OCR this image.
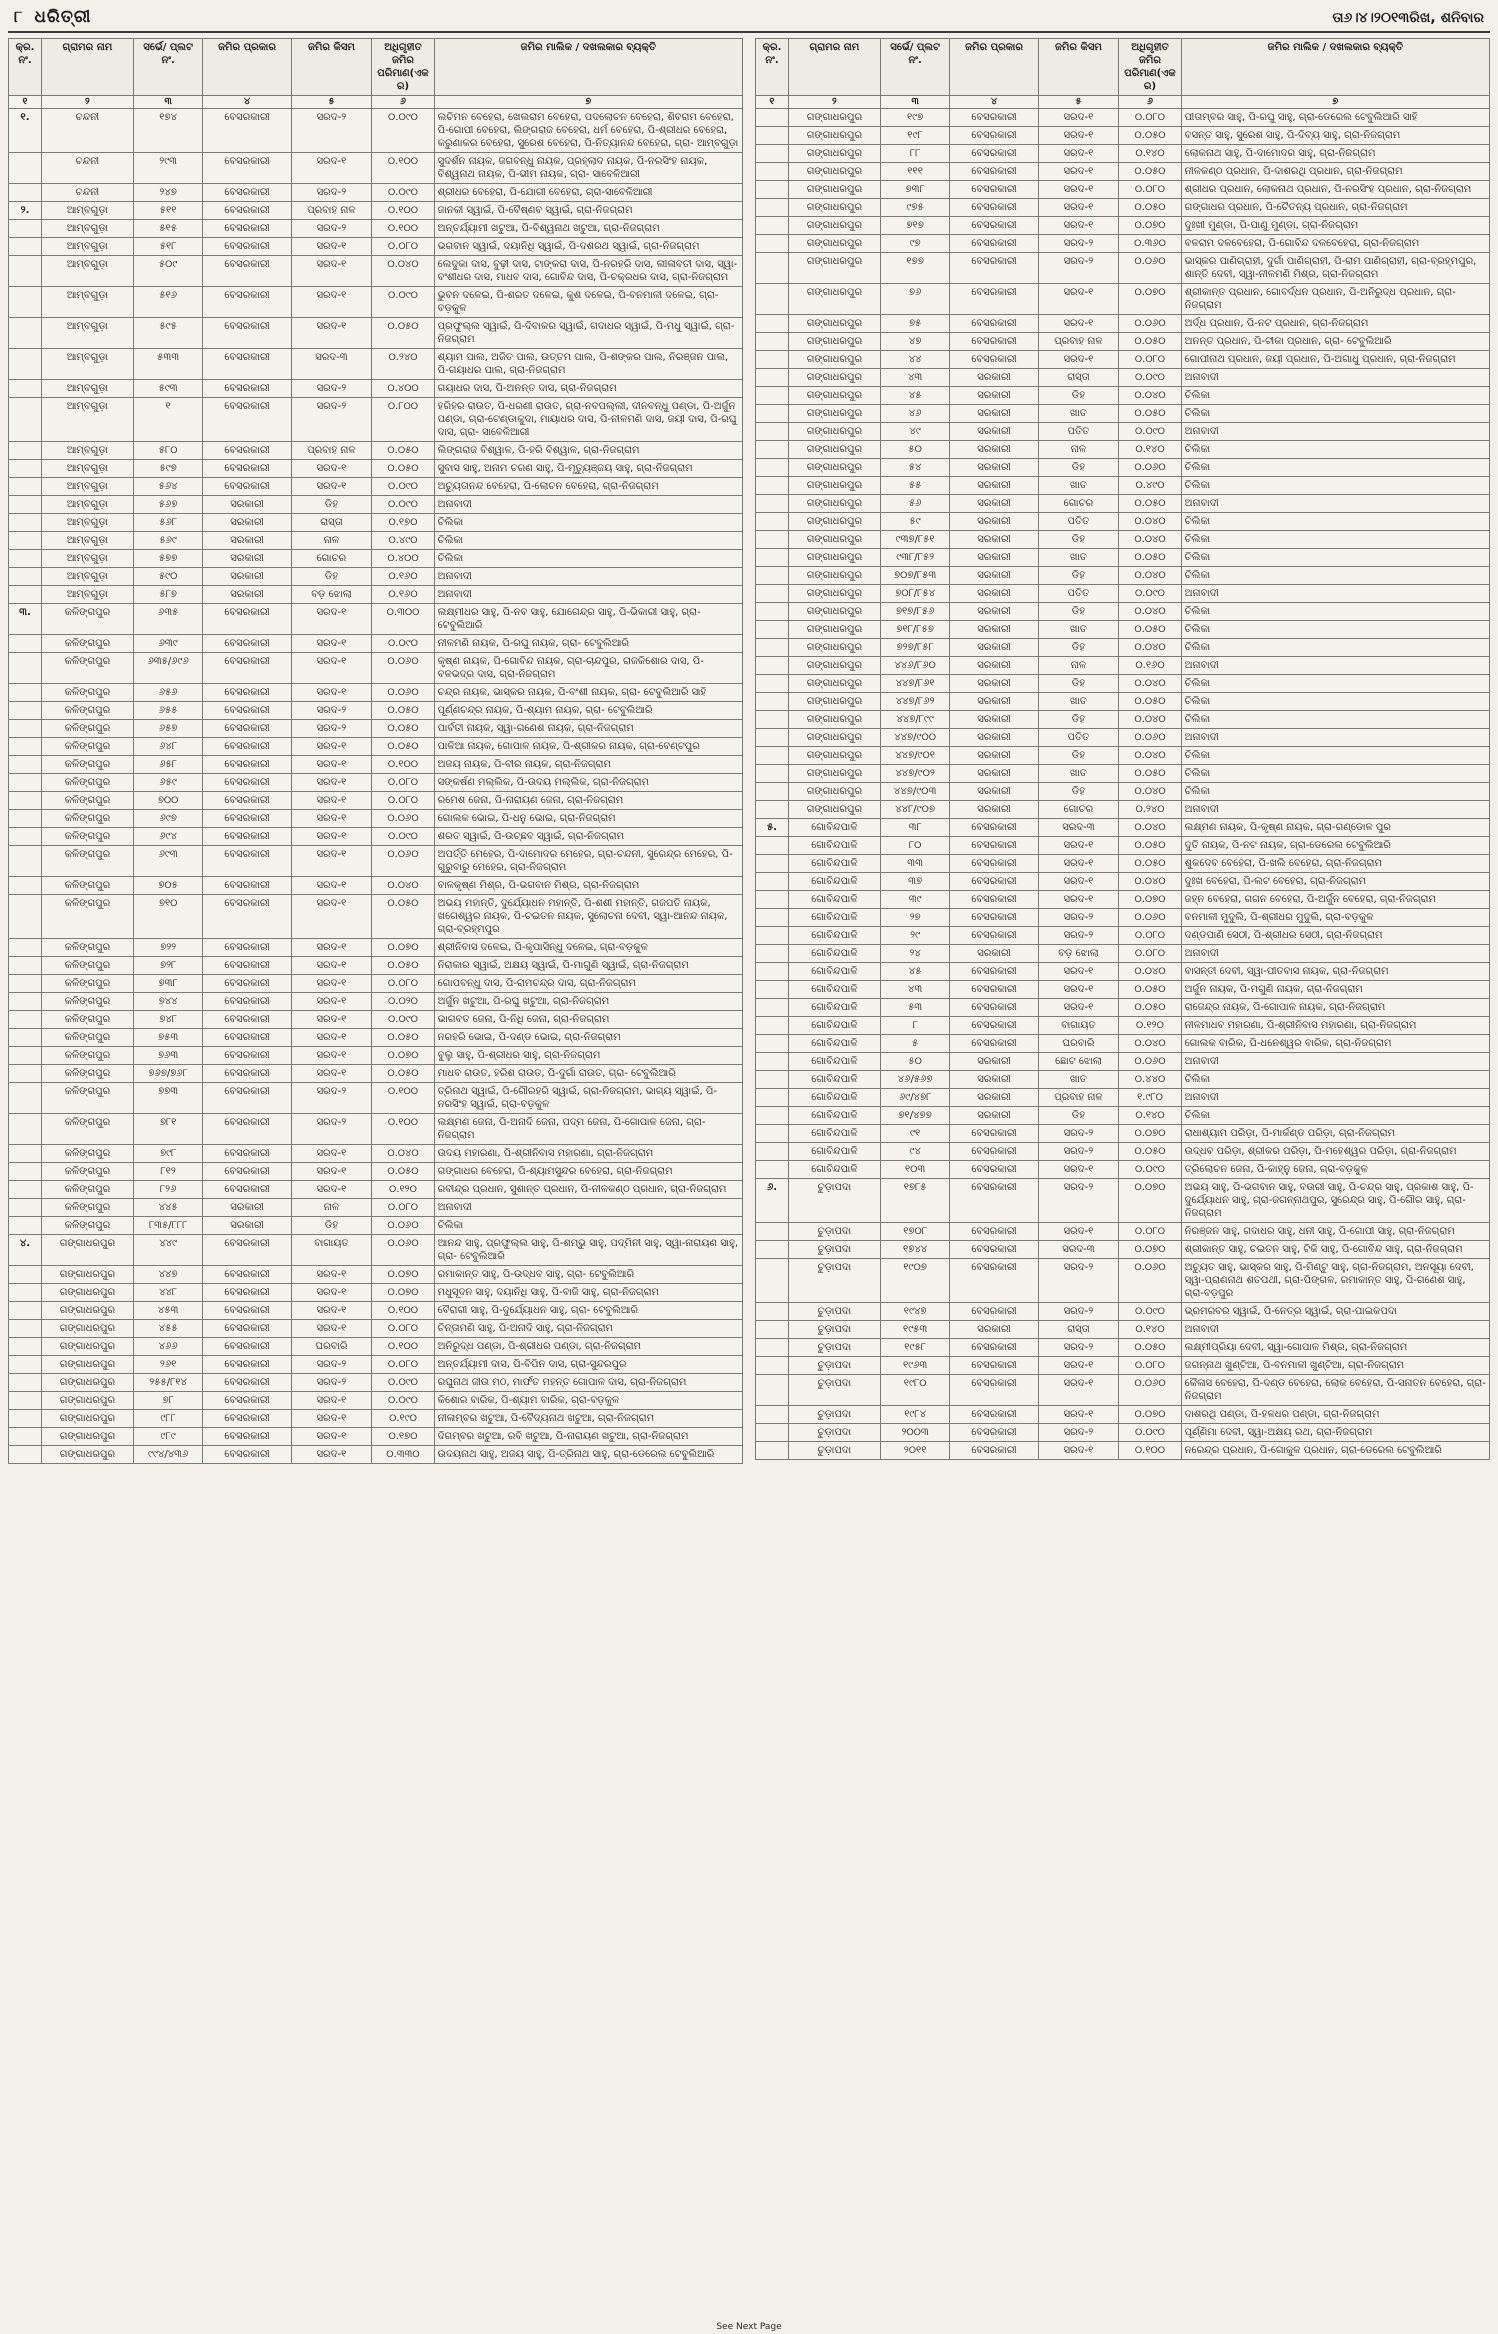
୮ ଧରିତ୍ରୀ	ତା୬।୪।୨୦୧୩ରିଖ, ଶନିବାର
କ୍ର. ନଂ.	ଗ୍ରାମର ନାମ	ସର୍ଭେ/ ପ୍ଲଟ ନଂ.	ଜମିର ପ୍ରକାର	ଜମିର କିସମ	ଅଧିଗୃହୀତ ଜମିର ପରିମାଣ(ଏକର)	ଜମିର ମାଲିକ / ଦଖଲକାର ବ୍ୟକ୍ତି
୧	୨	୩	୪	୫	୬	୭
୧.	ଚନ୍ଦନୀ	୧୭୪	ବେସରକାରୀ	ସରଦ-୨	୦.୦୯୦	ଲଚିମନ ବେହେରା, ଖେଲରାମ ବେହେରା, ପଦଲୋଚନ ବେହେରା, ଶିବରାମ ବେହେରା, ପି-ଗୋପୀ ବେହେରା, ଲିଙ୍ଗରାଜ ବେହେରା, ଧର୍ମ ବେହେରା, ପି-ଶ୍ରୀଧର ବେହେରା, କରୁଣାକର ବେହେରା, ସୁରେଶ ବେହେରା, ପି-ନିତ୍ୟାନନ୍ଦ ବେହେରା, ଗ୍ରା- ଆମ୍ବଗୁଡ଼ା
	ଚନ୍ଦନୀ	୨୯୩	ବେସରକାରୀ	ସରଦ-୧	୦.୧୦୦	ସୁଦର୍ଶନ ନାୟକ, ଜଗବନ୍ଧୁ ନାୟକ, ପ୍ରହ୍ଲାଦ ନାୟକ, ପି-ନରସିଂହ ନାୟକ, ବିଶ୍ୱନାଥ ନାୟକ, ପି-ଭୀମ ନାୟକ, ଗ୍ରା- ସାବେଳିଆରୀ
	ଚନ୍ଦନୀ	୨୪୭	ବେସରକାରୀ	ସରଦ-୨	୦.୦୯୦	ଶ୍ରୀଧର ବେହେରା, ପି-ଯୋଗୀ ବେହେରା, ଗ୍ରା-ସାବେଳିଆରୀ
୨.	ଆମ୍ବଗୁଡ଼ା	୫୧୧	ବେସରକାରୀ	ପ୍ରବାହ ନାଳ	୦.୧୦୦	ଜାନକୀ ସ୍ୱାଇଁ, ପି-ବୈଷ୍ଣବ ସ୍ୱାଇଁ, ଗ୍ରା-ନିଜଗ୍ରାମ
	ଆମ୍ବଗୁଡ଼ା	୫୧୫	ବେସରକାରୀ	ସରଦ-୨	୦.୧୦୦	ଅନ୍ତର୍ଯ୍ୟାମୀ ଖଟୁଆ, ପି-ବିଶ୍ୱନାଥ ଖଟୁଆ, ଗ୍ରା-ନିଜଗ୍ରାମ
	ଆମ୍ବଗୁଡ଼ା	୫୧୮	ବେସରକାରୀ	ସରଦ-୧	୦.୦୮୦	ଭଗବାନ ସ୍ୱାଇଁ, ଦୟାନିଧି ସ୍ୱାଇଁ, ପି-ଦଶରଥ ସ୍ୱାଇଁ, ଗ୍ରା-ନିଜଗ୍ରାମ
	ଆମ୍ବଗୁଡ଼ା	୫୦୯	ବେସରକାରୀ	ସରଦ-୧	୦.୦୪୦	ଲେଦୁକା ଦାସ, ବୁଢ଼ୀ ଦାସ, ଟାଙ୍କରା ଦାସ, ପି-ନରହରି ଦାସ, ଲୀଳାବତୀ ଦାସ, ସ୍ୱା-ବଂଶୀଧର ଦାସ, ମାଧବ ଦାସ, ଗୋବିନ୍ଦ ଦାସ, ପି-ଚକ୍ରଧର ଦାସ, ଗ୍ରା-ନିଜଗ୍ରାମ
	ଆମ୍ବଗୁଡ଼ା	୫୧୬	ବେସରକାରୀ	ସରଦ-୧	୦.୦୯୦	ଭୁବନ ଦଳେଇ, ପି-ଶରତ ଦଳେଇ, କୁଶ ଦଳେଇ, ପି-ବନମାଳୀ ଦଳେଇ, ଗ୍ରା-ବଡ଼କୁଳ
	ଆମ୍ବଗୁଡ଼ା	୫୯୫	ବେସରକାରୀ	ସରଦ-୧	୦.୦୫୦	ପ୍ରଫୁଲ୍ଲ ସ୍ୱାଇଁ, ପି-ଦିବାକର ସ୍ୱାଇଁ, ଗଦାଧର ସ୍ୱାଇଁ, ପି-ମଧୁ ସ୍ୱାଇଁ, ଗ୍ରା-ନିଜଗ୍ରାମ
	ଆମ୍ବଗୁଡ଼ା	୫୩୩	ବେସରକାରୀ	ସରଦ-୩	୦.୨୪୦	ଶ୍ୟାମ ପାଲ, ଅଜିତ ପାଲ, ଉତ୍ତମ ପାଲ, ପି-ଶଙ୍କର ପାଲ, ନିରଞ୍ଜନ ପାଲ, ପି-ଗୟାଧର ପାଲ, ଗ୍ରା-ନିଜଗ୍ରାମ
	ଆମ୍ବଗୁଡ଼ା	୫୯୩	ବେସରକାରୀ	ସରଦ-୨	୦.୪୦୦	ଗୟାଧର ଦାସ, ପି-ଅନନ୍ତ ଦାସ, ଗ୍ରା-ନିଜଗ୍ରାମ
	ଆମ୍ବଗୁଡ଼ା	୧	ବେସରକାରୀ	ସରଦ-୨	୦.୮୦୦	ହରିହର ରାଉତ, ପି-ଧରଣୀ ରାଉତ, ଗ୍ରା-ନବପଲ୍ଲୀ, ଦୀନବନ୍ଧୁ ପଣ୍ଡା, ପି-ଅର୍ଜୁନ ପଣ୍ଡା, ଗ୍ରା-ଟେଣ୍ଡାକୁଦା, ମାୟାଧର ଦାସ, ପି-ନୀଳମଣି ଦାସ, ଜୟୀ ଦାସ, ପି-ରଘୁ ଦାସ, ଗ୍ରା- ସାବେଳିଆରୀ
	ଆମ୍ବଗୁଡ଼ା	୫୮୦	ବେସରକାରୀ	ପ୍ରବାହ ନାଳ	୦.୦୫୦	ଲିଙ୍ଗରାଜ ବିଶ୍ୱାଳ, ପି-ହରି ବିଶ୍ୱାଳ, ଗ୍ରା-ନିଜଗ୍ରାମ
	ଆମ୍ବଗୁଡ଼ା	୫୯୭	ବେସରକାରୀ	ସରଦ-୧	୦.୦୫୦	ସୁବାସ ସାହୁ, ଅନାମ ଚରଣ ସାହୁ, ପି-ମୃତ୍ୟୁଞ୍ଜୟ ସାହୁ, ଗ୍ରା-ନିଜଗ୍ରାମ
	ଆମ୍ବଗୁଡ଼ା	୫୬୪	ବେସରକାରୀ	ସରଦ-୧	୦.୦୯୦	ଅଚ୍ୟୁତାନନ୍ଦ ବେହେରା, ପି-ଲୋଚନ ବେହେରା, ଗ୍ରା-ନିଜଗ୍ରାମ
	ଆମ୍ବଗୁଡ଼ା	୫୬୭	ସରକାରୀ	ଡିହ	୦.୦୯୦	ଅନାବାଦୀ
	ଆମ୍ବଗୁଡ଼ା	୫୬୮	ସରକାରୀ	ରାସ୍ତା	୦.୧୭୦	ଚିଲିକା
	ଆମ୍ବଗୁଡ଼ା	୫୬୯	ସରକାରୀ	ନାଳ	୦.୪୯୦	ଚିଲିକା
	ଆମ୍ବଗୁଡ଼ା	୫୭୭	ସରକାରୀ	ଗୋଚର	୦.୪୦୦	ଚିଲିକା
	ଆମ୍ବଗୁଡ଼ା	୫୯୦	ସରକାରୀ	ଡିହ	୦.୧୬୦	ଅନାବାଦୀ
	ଆମ୍ବଗୁଡ଼ା	୫୮୭	ସରକାରୀ	ବଡ଼ ଝୋଲା	୦.୧୬୦	ଅନାବାଦୀ
୩.	କଳିଙ୍ଗପୁର	୬୩୫	ବେସରକାରୀ	ସରଦ-୧	୦.୩୦୦	ଲକ୍ଷ୍ମୀଧର ସାହୁ, ପି-ନବ ସାହୁ, ଯୋଗେନ୍ଦ୍ର ସାହୁ, ପି-ଭିକାରୀ ସାହୁ, ଗ୍ରା- ଟେବୁଲିଆରି
	କଳିଙ୍ଗପୁର	୬୩୯	ବେସରକାରୀ	ସରଦ-୧	୦.୦୯୦	ନୀଳମଣି ନାୟକ, ପି-ରଘୁ ନାୟକ, ଗ୍ରା- ଟେବୁଲିଆରି
	କଳିଙ୍ଗପୁର	୬୩୫/୬୯୬	ବେସରକାରୀ	ସରଦ-୧	୦.୦୬୦	କୃଷ୍ଣ ନାୟକ, ପି-ଗୋବିନ୍ଦ ନାୟକ, ଗ୍ରା-ଚାନ୍ଦପୁର, ରାଜକିଶୋର ଦାସ, ପି-ବଳଭଦ୍ର ଦାସ, ଗ୍ରା-ନିଜଗ୍ରାମ
	କଳିଙ୍ଗପୁର	୬୫୬	ବେସରକାରୀ	ସରଦ-୧	୦.୦୬୦	ଚନ୍ଦ୍ର ନାୟକ, ଭାସ୍କର ନାୟକ, ପି-ବଂଶୀ ନାୟକ, ଗ୍ରା- ଟେବୁଲିଆରି ସାହି
	କଳିଙ୍ଗପୁର	୬୫୫	ବେସରକାରୀ	ସରଦ-୨	୦.୦୫୦	ପୂର୍ଣ୍ଣଚନ୍ଦ୍ର ନାୟକ, ପି-ଶ୍ୟାମ ନାୟକ, ଗ୍ରା- ଟେବୁଲିଆରି
	କଳିଙ୍ଗପୁର	୬୫୭	ବେସରକାରୀ	ସରଦ-୨	୦.୦୫୦	ପାର୍ବତୀ ନାୟକ, ସ୍ୱା-ଗଣେଶ ନାୟକ, ଗ୍ରା-ନିଜଗ୍ରାମ
	କଳିଙ୍ଗପୁର	୬୪୮	ବେସରକାରୀ	ସରଦ-୧	୦.୦୫୦	ପାଳିଆ ନାୟକ, ଗୋପାଳ ନାୟକ, ପି-ଶ୍ରୀକର ନାୟକ, ଗ୍ରା-ବେଣ୍ଟପୁର
	କଳିଙ୍ଗପୁର	୬୫୮	ବେସରକାରୀ	ସରଦ-୧	୦.୧୦୦	ଅଜୟ ନାୟକ, ପି-ବୀର ନାୟକ, ଗ୍ରା-ନିଜଗ୍ରାମ
	କଳିଙ୍ଗପୁର	୬୫୯	ବେସରକାରୀ	ସରଦ-୧	୦.୦୮୦	ସଙ୍କର୍ଷଣ ମଲ୍ଲିକ, ପି-ଉଦୟ ମଲ୍ଲିକ, ଗ୍ରା-ନିଜଗ୍ରାମ
	କଳିଙ୍ଗପୁର	୭୦୦	ବେସରକାରୀ	ସରଦ-୧	୦.୦୮୦	ରମେଶ ଜେନା, ପି-ନାରାୟଣ ଜେନା, ଗ୍ରା-ନିଜଗ୍ରାମ
	କଳିଙ୍ଗପୁର	୬୯୭	ବେସରକାରୀ	ସରଦ-୧	୦.୦୬୦	ଗୋଲକ ଭୋଇ, ପି-ଧନୁ ଭୋଇ, ଗ୍ରା-ନିଜଗ୍ରାମ
	କଳିଙ୍ଗପୁର	୬୯୪	ବେସରକାରୀ	ସରଦ-୧	୦.୦୯୦	ଶରତ ସ୍ୱାଇଁ, ପି-ଉଚ୍ଛବ ସ୍ୱାଇଁ, ଗ୍ରା-ନିଜଗ୍ରାମ
	କଳିଙ୍ଗପୁର	୬୯୩	ବେସରକାରୀ	ସରଦ-୧	୦.୦୬୦	ଅପର୍ତ୍ତି ମେହେର, ପି-ଦାମୋଦର ମେହେର, ଗ୍ରା-ଚନ୍ଦନୀ, ସୁରେନ୍ଦ୍ର ମେହେର, ପି-ଗୁରୁବାରୁ ମେହେର, ଗ୍ରା-ନିଜଗ୍ରାମ
	କଳିଙ୍ଗପୁର	୭୦୫	ବେସରକାରୀ	ସରଦ-୧	୦.୦୪୦	ବାଳକୃଷ୍ଣ ମିଶ୍ର, ପି-ଭଗବାନ ମିଶ୍ର, ଗ୍ରା-ନିଜଗ୍ରାମ
	କଳିଙ୍ଗପୁର	୭୧୦	ବେସରକାରୀ	ସରଦ-୧	୦.୦୫୦	ଅଭୟ ମହାନ୍ତି, ଦୁର୍ଯ୍ୟୋଧନ ମହାନ୍ତି, ପି-ଶଶୀ ମହାନ୍ତି, ଗଜପତି ନାୟକ, ଖଗେଶ୍ୱର ନାୟକ, ପି-ଚଇତନ ନାୟକ, ସୁଲୋଚନା ଦେବୀ, ସ୍ୱା-ଆନନ୍ଦ ନାୟକ, ଗ୍ରା-ବ୍ରହ୍ମପୁର
	କଳିଙ୍ଗପୁର	୭୨୨	ବେସରକାରୀ	ସରଦ-୧	୦.୦୭୦	ଶ୍ରୀନିବାସ ଦଳେଇ, ପି-କୃପାସିନ୍ଧୁ ଦଳେଇ, ଗ୍ରା-ବଡ଼କୁଳ
	କଳିଙ୍ଗପୁର	୭୨୮	ବେସରକାରୀ	ସରଦ-୧	୦.୦୫୦	ନିରାକାର ସ୍ୱାଇଁ, ଅକ୍ଷୟ ସ୍ୱାଇଁ, ପି-ମାଗୁଣି ସ୍ୱାଇଁ, ଗ୍ରା-ନିଜଗ୍ରାମ
	କଳିଙ୍ଗପୁର	୭୩୮	ବେସରକାରୀ	ସରଦ-୧	୦.୦୮୦	ଗୋପବନ୍ଧୁ ଦାସ, ପି-ରାମଚନ୍ଦ୍ର ଦାସ, ଗ୍ରା-ନିଜଗ୍ରାମ
	କଳିଙ୍ଗପୁର	୭୪୪	ବେସରକାରୀ	ସରଦ-୧	୦.୦୨୦	ଅର୍ଜୁନ ଖଟୁଆ, ପି-ରଘୁ ଖଟୁଆ, ଗ୍ରା-ନିଜଗ୍ରାମ
	କଳିଙ୍ଗପୁର	୭୪୮	ବେସରକାରୀ	ସରଦ-୧	୦.୦୯୦	ଭାଗବତ ଜେନା, ପି-ନିଧି ଜେନା, ଗ୍ରା-ନିଜଗ୍ରାମ
	କଳିଙ୍ଗପୁର	୭୫୩	ବେସରକାରୀ	ସରଦ-୧	୦.୦୫୦	ନରହରି ଭୋଇ, ପି-ଦଣ୍ଡ ଭୋଇ, ଗ୍ରା-ନିଜଗ୍ରାମ
	କଳିଙ୍ଗପୁର	୭୬୩	ବେସରକାରୀ	ସରଦ-୧	୦.୦୭୦	ବୁଲୁ ସାହୁ, ପି-ଶ୍ରୀଧର ସାହୁ, ଗ୍ରା-ନିଜଗ୍ରାମ
	କଳିଙ୍ଗପୁର	୭୬୭/୭୬୮	ବେସରକାରୀ	ସରଦ-୧	୦.୦୫୦	ମାଧବ ରାଉତ, ହରିଶ ରାଉତ, ପି-ଦୁର୍ଗା ରାଉତ, ଗ୍ରା- ଟେବୁଲିଆରି
	କଳିଙ୍ଗପୁର	୭୭୩	ବେସରକାରୀ	ସରଦ-୨	୦.୧୦୦	ତ୍ରିନାଥ ସ୍ୱାଇଁ, ପି-ଗୌରହରି ସ୍ୱାଇଁ, ଗ୍ରା-ନିଜଗ୍ରାମ, ଭାଗ୍ୟ ସ୍ୱାଇଁ, ପି-ନରସିଂହ ସ୍ୱାଇଁ, ଗ୍ରା-ବଡ଼କୁଳ
	କଳିଙ୍ଗପୁର	୭୮୧	ବେସରକାରୀ	ସରଦ-୨	୦.୧୦୦	ଲକ୍ଷ୍ମଣ ଜେନା, ପି-ଅନାଦି ଜେନା, ପଦ୍ମ ଜେନା, ପି-ଗୋପାଳ ଜେନା, ଗ୍ରା-ନିଜଗ୍ରାମ
	କଳିଙ୍ଗପୁର	୭୯୮	ବେସରକାରୀ	ସରଦ-୧	୦.୦୪୦	ଉଦୟ ମହାରଣା, ପି-ଶ୍ରୀନିବାସ ମହାରଣା, ଗ୍ରା-ନିଜଗ୍ରାମ
	କଳିଙ୍ଗପୁର	୮୧୨	ବେସରକାରୀ	ସରଦ-୧	୦.୦୫୦	ଗଙ୍ଗାଧର ବେହେରା, ପି-ଶ୍ୟାମସୁନ୍ଦର ବେହେରା, ଗ୍ରା-ନିଜଗ୍ରାମ
	କଳିଙ୍ଗପୁର	୮୨୬	ବେସରକାରୀ	ସରଦ-୧	୦.୧୨୦	ରବୀନ୍ଦ୍ର ପ୍ରଧାନ, ସୁଶାନ୍ତ ପ୍ରଧାନ, ପି-ନୀଳକଣ୍ଠ ପ୍ରଧାନ, ଗ୍ରା-ନିଜଗ୍ରାମ
	କଳିଙ୍ଗପୁର	୪୪୫	ସରକାରୀ	ନାଳ	୦.୦୮୦	ଅନାବାଦୀ
	କଳିଙ୍ଗପୁର	୮୩୫/୮୮୮	ସରକାରୀ	ଡିହ	୦.୦୬୦	ଚିଲିକା
୪.	ଗଙ୍ଗାଧରପୁର	୪୪୯	ବେସରକାରୀ	ବାଗାୟତ	୦.୦୬୦	ଆନନ୍ଦ ସାହୁ, ପ୍ରଫୁଲ୍ଲ ସାହୁ, ପି-ଶମ୍ଭୁ ସାହୁ, ପଦ୍ମିନୀ ସାହୁ, ସ୍ୱା-ନାରାୟଣ ସାହୁ, ଗ୍ରା- ଟେବୁଲିଆରି
	ଗଙ୍ଗାଧରପୁର	୪୪୭	ବେସରକାରୀ	ସରଦ-୧	୦.୦୭୦	ରମାକାନ୍ତ ସାହୁ, ପି-ଉଦ୍ଧବ ସାହୁ, ଗ୍ରା- ଟେବୁଲିଆରି
	ଗଙ୍ଗାଧରପୁର	୪୪୮	ବେସରକାରୀ	ସରଦ-୧	୦.୦୭୦	ମଧୁସୂଦନ ସାହୁ, ଦୟାନିଧି ସାହୁ, ପି-ବାଜି ସାହୁ, ଗ୍ରା-ନିଜଗ୍ରାମ
	ଗଙ୍ଗାଧରପୁର	୪୫୩	ବେସରକାରୀ	ସରଦ-୧	୦.୧୦୦	ବୈରାଗୀ ସାହୁ, ପି-ଦୁର୍ଯ୍ୟୋଧନ ସାହୁ, ଗ୍ରା- ଟେବୁଲିଆରି
	ଗଙ୍ଗାଧରପୁର	୪୫୫	ବେସରକାରୀ	ସରଦ-୧	୦.୦୮୦	ଚିନ୍ତାମଣି ସାହୁ, ପି-ଅନାଦି ସାହୁ, ଗ୍ରା-ନିଜଗ୍ରାମ
	ଗଙ୍ଗାଧରପୁର	୪୬୬	ବେସରକାରୀ	ଘରବାରି	୦.୧୦୦	ଅନିରୁଦ୍ଧ ପଣ୍ଡା, ପି-ଶ୍ରୀଧର ପଣ୍ଡା, ଗ୍ରା-ନିଜଗ୍ରାମ
	ଗଙ୍ଗାଧରପୁର	୨୬୧	ବେସରକାରୀ	ସରଦ-୨	୦.୦୮୦	ଅନ୍ତର୍ଯ୍ୟାମୀ ଦାସ, ପି-ବିପିନ ଦାସ, ଗ୍ରା-ସୁନ୍ଦରପୁର
	ଗଙ୍ଗାଧରପୁର	୨୫୫/୮୧୪	ବେସରକାରୀ	ସରଦ-୨	୦.୦୯୦	ରଘୁନାଥ ଜୀଉ ମଠ, ମାର୍ଫତ ମହନ୍ତ ଗୋପାଳ ଦାସ, ଗ୍ରା-ନିଜଗ୍ରାମ
	ଗଙ୍ଗାଧରପୁର	୭୮	ବେସରକାରୀ	ସରଦ-୧	୦.୦୯୦	କିଶୋର ବାରିକ, ପି-ଶ୍ୟାମ ବାରିକ, ଗ୍ରା-ବଡ଼କୁଳ
	ଗଙ୍ଗାଧରପୁର	୯୮୮	ବେସରକାରୀ	ସରଦ-୧	୦.୧୯୦	ନୀଳାମ୍ବର ଖଟୁଆ, ପି-ବୈଦ୍ୟନାଥ ଖଟୁଆ, ଗ୍ରା-ନିଜଗ୍ରାମ
	ଗଙ୍ଗାଧରପୁର	୯୮୯	ବେସରକାରୀ	ସରଦ-୧	୦.୧୭୦	ଦିଗମ୍ବର ଖଟୁଆ, ରବି ଖଟୁଆ, ପି-ନାରାୟଣ ଖଟୁଆ, ଗ୍ରା-ନିଜଗ୍ରାମ
	ଗଙ୍ଗାଧରପୁର	୯୯୪/୪୩୬	ବେସରକାରୀ	ସରଦ-୧	୦.୩୩୦	ଉଦୟନାଥ ସାହୁ, ଅଜୟ ସାହୁ, ପି-ତ୍ରିନାଥ ସାହୁ, ଗ୍ରା-ଡେରେଲ ଟେବୁଲିଆରି
କ୍ର. ନଂ.	ଗ୍ରାମର ନାମ	ସର୍ଭେ/ ପ୍ଲଟ ନଂ.	ଜମିର ପ୍ରକାର	ଜମିର କିସମ	ଅଧିଗୃହୀତ ଜମିର ପରିମାଣ(ଏକର)	ଜମିର ମାଲିକ / ଦଖଲକାର ବ୍ୟକ୍ତି
୧	୨	୩	୪	୫	୬	୭
	ଗଙ୍ଗାଧରପୁର	୧୯୭	ବେସରକାରୀ	ସରଦ-୧	୦.୦୮୦	ପୀତାମ୍ବର ସାହୁ, ପି-ରଘୁ ସାହୁ, ଗ୍ରା-ଡେରେଲ ଟେବୁଲିଆରି ସାହି
	ଗଙ୍ଗାଧରପୁର	୧୯୮	ବେସରକାରୀ	ସରଦ-୧	୦.୦୫୦	ବସନ୍ତ ସାହୁ, ସୁରେଶ ସାହୁ, ପି-ଦିବ୍ୟ ସାହୁ, ଗ୍ରା-ନିଜଗ୍ରାମ
	ଗଙ୍ଗାଧରପୁର	୮୮	ବେସରକାରୀ	ସରଦ-୧	୦.୧୪୦	ଲୋକନାଥ ସାହୁ, ପି-ଦାମୋଦର ସାହୁ, ଗ୍ରା-ନିଜଗ୍ରାମ
	ଗଙ୍ଗାଧରପୁର	୧୧୧	ବେସରକାରୀ	ସରଦ-୧	୦.୦୫୦	ନୀଳକଣ୍ଠ ପ୍ରଧାନ, ପି-ଦାଶରଥି ପ୍ରଧାନ, ଗ୍ରା-ନିଜଗ୍ରାମ
	ଗଙ୍ଗାଧରପୁର	୭୩୮	ବେସରକାରୀ	ସରଦ-୧	୦.୦୮୦	ଶ୍ରୀଧର ପ୍ରଧାନ, ଲୋକନାଥ ପ୍ରଧାନ, ପି-ନରସିଂହ ପ୍ରଧାନ, ଗ୍ରା-ନିଜଗ୍ରାମ
	ଗଙ୍ଗାଧରପୁର	୯୭୫	ବେସରକାରୀ	ସରଦ-୧	୦.୦୫୦	ଗଙ୍ଗାଧର ପ୍ରଧାନ, ପି-ଚୈତନ୍ୟ ପ୍ରଧାନ, ଗ୍ରା-ନିଜଗ୍ରାମ
	ଗଙ୍ଗାଧରପୁର	୭୧୭	ବେସରକାରୀ	ସରଦ-୧	୦.୦୭୦	ଦୁଃଖୀ ମୁଣ୍ଡା, ପି-ପାଣୁ ମୁଣ୍ଡା, ଗ୍ରା-ନିଜଗ୍ରାମ
	ଗଙ୍ଗାଧରପୁର	୯୭	ବେସରକାରୀ	ସରଦ-୨	୦.୩୬୦	ବଳରାମ ଦଳବେହେରା, ପି-ଗୋବିନ୍ଦ ଦଳବେହେରା, ଗ୍ରା-ନିଜଗ୍ରାମ
	ଗଙ୍ଗାଧରପୁର	୧୭୭	ବେସରକାରୀ	ସରଦ-୨	୦.୦୬୦	ଭାସ୍କର ପାଣିଗ୍ରାହୀ, ଦୁର୍ଗା ପାଣିଗ୍ରାହୀ, ପି-ରାମ ପାଣିଗ୍ରାହୀ, ଗ୍ରା-ବ୍ରହ୍ମପୁର, ଶାନ୍ତି ଦେବୀ, ସ୍ୱା-ନୀଳମଣି ମିଶ୍ର, ଗ୍ରା-ନିଜଗ୍ରାମ
	ଗଙ୍ଗାଧରପୁର	୭୬	ବେସରକାରୀ	ସରଦ-୧	୦.୦୭୦	ଶ୍ରୀକାନ୍ତ ପ୍ରଧାନ, ଗୋବର୍ଦ୍ଧନ ପ୍ରଧାନ, ପି-ଅନିରୁଦ୍ଧ ପ୍ରଧାନ, ଗ୍ରା-ନିଜଗ୍ରାମ
	ଗଙ୍ଗାଧରପୁର	୭୫	ବେସରକାରୀ	ସରଦ-୧	୦.୦୬୦	ଅର୍ଦ୍ଧ ପ୍ରଧାନ, ପି-ନଟ ପ୍ରଧାନ, ଗ୍ରା-ନିଜଗ୍ରାମ
	ଗଙ୍ଗାଧରପୁର	୪୭	ବେସରକାରୀ	ପ୍ରବାହ ନାଳ	୦.୦୫୦	ଅନନ୍ତ ପ୍ରଧାନ, ପି-ଟୀକା ପ୍ରଧାନ, ଗ୍ରା- ଟେବୁଲିଆରି
	ଗଙ୍ଗାଧରପୁର	୪୪	ବେସରକାରୀ	ସରଦ-୧	୦.୦୮୦	ଗୋପୀନାଥ ପ୍ରଧାନ, ଜୟୀ ପ୍ରଧାନ, ପି-ଅଗାଧୁ ପ୍ରଧାନ, ଗ୍ରା-ନିଜଗ୍ରାମ
	ଗଙ୍ଗାଧରପୁର	୪୩	ସରକାରୀ	ରାସ୍ତା	୦.୦୯୦	ଅନାବାଦୀ
	ଗଙ୍ଗାଧରପୁର	୪୫	ସରକାରୀ	ଡିହ	୦.୦୪୦	ଚିଲିକା
	ଗଙ୍ଗାଧରପୁର	୪୬	ସରକାରୀ	ଖାତ	୦.୦୫୦	ଚିଲିକା
	ଗଙ୍ଗାଧରପୁର	୪୯	ସରକାରୀ	ପତିତ	୦.୦୯୦	ଅନାବାଦୀ
	ଗଙ୍ଗାଧରପୁର	୫୦	ସରକାରୀ	ନାଳ	୦.୧୪୦	ଚିଲିକା
	ଗଙ୍ଗାଧରପୁର	୫୪	ସରକାରୀ	ଡିହ	୦.୦୬୦	ଚିଲିକା
	ଗଙ୍ଗାଧରପୁର	୫୫	ସରକାରୀ	ଖାତ	୦.୪୯୦	ଚିଲିକା
	ଗଙ୍ଗାଧରପୁର	୫୬	ସରକାରୀ	ଗୋଚର	୦.୦୫୦	ଅନାବାଦୀ
	ଗଙ୍ଗାଧରପୁର	୫୯	ସରକାରୀ	ପତିତ	୦.୦୪୦	ଚିଲିକା
	ଗଙ୍ଗାଧରପୁର	୯୩୭/୮୫୧	ସରକାରୀ	ଡିହ	୦.୦୪୦	ଚିଲିକା
	ଗଙ୍ଗାଧରପୁର	୯୩୮/୮୫୨	ସରକାରୀ	ଖାତ	୦.୦୫୦	ଚିଲିକା
	ଗଙ୍ଗାଧରପୁର	୭୦୭/୮୫୩	ସରକାରୀ	ଡିହ	୦.୦୪୦	ଚିଲିକା
	ଗଙ୍ଗାଧରପୁର	୭୦୮/୮୫୪	ସରକାରୀ	ପତିତ	୦.୦୯୦	ଅନାବାଦୀ
	ଗଙ୍ଗାଧରପୁର	୭୧୭/୮୫୬	ସରକାରୀ	ଡିହ	୦.୦୪୦	ଚିଲିକା
	ଗଙ୍ଗାଧରପୁର	୭୧୮/୮୫୭	ସରକାରୀ	ଖାତ	୦.୦୫୦	ଚିଲିକା
	ଗଙ୍ଗାଧରପୁର	୭୨୭/୮୫୮	ସରକାରୀ	ଡିହ	୦.୦୪୦	ଚିଲିକା
	ଗଙ୍ଗାଧରପୁର	୪୪୬/୮୬୦	ସରକାରୀ	ନାଳ	୦.୧୬୦	ଅନାବାଦୀ
	ଗଙ୍ଗାଧରପୁର	୪୪୭/୮୬୧	ସରକାରୀ	ଡିହ	୦.୦୪୦	ଚିଲିକା
	ଗଙ୍ଗାଧରପୁର	୪୪୭/୮୬୨	ସରକାରୀ	ଖାତ	୦.୦୫୦	ଚିଲିକା
	ଗଙ୍ଗାଧରପୁର	୪୪୭/୮୯୯	ସରକାରୀ	ଡିହ	୦.୦୪୦	ଚିଲିକା
	ଗଙ୍ଗାଧରପୁର	୪୪୭/୯୦୦	ସରକାରୀ	ପତିତ	୦.୦୬୦	ଅନାବାଦୀ
	ଗଙ୍ଗାଧରପୁର	୪୪୭/୯୦୧	ସରକାରୀ	ଡିହ	୦.୦୪୦	ଚିଲିକା
	ଗଙ୍ଗାଧରପୁର	୪୪୭/୯୦୨	ସରକାରୀ	ଖାତ	୦.୦୫୦	ଚିଲିକା
	ଗଙ୍ଗାଧରପୁର	୪୪୭/୯୦୩	ସରକାରୀ	ଡିହ	୦.୦୪୦	ଚିଲିକା
	ଗଙ୍ଗାଧରପୁର	୪୪୮/୯୦୭	ସରକାରୀ	ଗୋଚର	୦.୨୪୦	ଅନାବାଦୀ
୫.	ଗୋବିନ୍ଦପାଳି	୩୮	ବେସରକାରୀ	ସରଦ-୩	୦.୦୪୦	ଲକ୍ଷ୍ମଣ ନାୟକ, ପି-କୃଷ୍ଣ ନାୟକ, ଗ୍ରା-ଗଣ୍ଡୋଳ ପୁର
	ଗୋବିନ୍ଦପାଳି	୮୦	ବେସରକାରୀ	ସରଦ-୧	୦.୦୫୦	ଦୁତି ନାୟକ, ପି-ନଟ ନାୟକ, ଗ୍ରା-ଡେରେଲ ଟେବୁଲିଆରି
	ଗୋବିନ୍ଦପାଳି	୩୩	ବେସରକାରୀ	ସରଦ-୧	୦.୦୫୦	ଶୁକଦେବ ବେହେରା, ପି-ଖଲି ବେହେରା, ଗ୍ରା-ନିଜଗ୍ରାମ
	ଗୋବିନ୍ଦପାଳି	୩୭	ବେସରକାରୀ	ସରଦ-୧	୦.୦୪୦	ଦୁଃଖ ବେହେରା, ପି-ଲଟ ବେହେରା, ଗ୍ରା-ନିଜଗ୍ରାମ
	ଗୋବିନ୍ଦପାଳି	୩୯	ବେସରକାରୀ	ସରଦ-୧	୦.୦୭୦	ଜହ୍ନ ବେହେରା, ଗଗନ ବେହେରା, ପି-ଅର୍ଜୁନ ବେହେରା, ଗ୍ରା-ନିଜଗ୍ରାମ
	ଗୋବିନ୍ଦପାଳି	୨୭	ବେସରକାରୀ	ସରଦ-୨	୦.୦୬୦	ବନମାଳୀ ମୁଦୁଲି, ପି-ଶ୍ରୀଧର ମୁଦୁଲି, ଗ୍ରା-ବଡ଼କୁଳ
	ଗୋବିନ୍ଦପାଳି	୨୯	ବେସରକାରୀ	ସରଦ-୨	୦.୦୮୦	ଦଣ୍ଡପାଣି ସେଠୀ, ପି-ଶ୍ରୀଧର ସେଠୀ, ଗ୍ରା-ନିଜଗ୍ରାମ
	ଗୋବିନ୍ଦପାଳି	୨୪	ସରକାରୀ	ବଡ଼ ଝୋଲା	୦.୦୮୦	ଅନାବାଦୀ
	ଗୋବିନ୍ଦପାଳି	୪୫	ବେସରକାରୀ	ସରଦ-୧	୦.୦୪୦	ବାସନ୍ତୀ ଦେବୀ, ସ୍ୱା-ପୀତବାସ ନାୟକ, ଗ୍ରା-ନିଜଗ୍ରାମ
	ଗୋବିନ୍ଦପାଳି	୪୩	ବେସରକାରୀ	ସରଦ-୧	୦.୦୫୦	ଅର୍ଜୁନ ନାୟକ, ପି-ମଗୁଣି ନାୟକ, ଗ୍ରା-ନିଜଗ୍ରାମ
	ଗୋବିନ୍ଦପାଳି	୫୩	ବେସରକାରୀ	ସରଦ-୧	୦.୦୫୦	ରାଜେନ୍ଦ୍ର ନାୟକ, ପି-ଗୋପାଳ ନାୟକ, ଗ୍ରା-ନିଜଗ୍ରାମ
	ଗୋବିନ୍ଦପାଳି	୮	ବେସରକାରୀ	ବାଗାୟତ	୦.୧୨୦	ନୀଳମାଧବ ମହାରଣା, ପି-ଶ୍ରୀନିବାସ ମହାରଣା, ଗ୍ରା-ନିଜଗ୍ରାମ
	ଗୋବିନ୍ଦପାଳି	୫	ବେସରକାରୀ	ଘରବାରି	୦.୦୪୦	ଗୋଲକ ବାରିକ, ପି-ଧନେଶ୍ୱର ବାରିକ, ଗ୍ରା-ନିଜଗ୍ରାମ
	ଗୋବିନ୍ଦପାଳି	୫୦	ସରକାରୀ	ଛୋଟ ଝୋଲା	୦.୦୬୦	ଅନାବାଦୀ
	ଗୋବିନ୍ଦପାଳି	୪୬/୫୬୭	ସରକାରୀ	ଖାତ	୦.୪୪୦	ଚିଲିକା
	ଗୋବିନ୍ଦପାଳି	୬୯/୪୭୮	ସରକାରୀ	ପ୍ରବାହ ନାଳ	୧.୯୮୦	ଅନାବାଦୀ
	ଗୋବିନ୍ଦପାଳି	୭୧/୪୭୭	ସରକାରୀ	ଡିହ	୦.୧୪୦	ଚିଲିକା
	ଗୋବିନ୍ଦପାଳି	୯୧	ବେସରକାରୀ	ସରଦ-୨	୦.୦୭୦	ରାଧାଶ୍ୟାମ ପରିଡ଼ା, ପି-ମାର୍କଣ୍ଡ ପରିଡ଼ା, ଗ୍ରା-ନିଜଗ୍ରାମ
	ଗୋବିନ୍ଦପାଳି	୯୪	ବେସରକାରୀ	ସରଦ-୨	୦.୦୫୦	ଉଦ୍ଧବ ପରିଡ଼ା, ଶ୍ରୀକର ପରିଡ଼ା, ପି-ମହେଶ୍ୱର ପରିଡ଼ା, ଗ୍ରା-ନିଜଗ୍ରାମ
	ଗୋବିନ୍ଦପାଳି	୧୦୩	ବେସରକାରୀ	ସରଦ-୧	୦.୦୯୦	ତ୍ରିଲୋଚନ ଜେନା, ପି-କାହ୍ନୁ ଜେନା, ଗ୍ରା-ବଡ଼କୁଳ
୬.	ଚୁଡ଼ାପଦା	୧୭୮୫	ବେସରକାରୀ	ସରଦ-୨	୦.୦୭୦	ଅଭୟ ସାହୁ, ପି-ଭଗବାନ ସାହୁ, ବଉରୀ ସାହୁ, ପି-ଚନ୍ଦ୍ର ସାହୁ, ପ୍ରକାଶ ସାହୁ, ପି-ଦୁର୍ଯ୍ୟୋଧନ ସାହୁ, ଗ୍ରା-ଜଗନ୍ନାଥପୁର, ସୁରେନ୍ଦ୍ର ସାହୁ, ପି-ଗୌର ସାହୁ, ଗ୍ରା-ନିଜଗ୍ରାମ
	ଚୁଡ଼ାପଦା	୧୭୦୮	ବେସରକାରୀ	ସରଦ-୧	୦.୦୮୦	ନିରଞ୍ଜନ ସାହୁ, ଗଦାଧର ସାହୁ, ଧନୀ ସାହୁ, ପି-ଗୋପୀ ସାହୁ, ଗ୍ରା-ନିଜଗ୍ରାମ
	ଚୁଡ଼ାପଦା	୧୭୪୪	ବେସରକାରୀ	ସରଦ-୩	୦.୦୭୦	ଶ୍ରୀକାନ୍ତ ସାହୁ, ଚଇତନ ସାହୁ, ଟିକି ସାହୁ, ପି-ଗୋବିନ୍ଦ ସାହୁ, ଗ୍ରା-ନିଜଗ୍ରାମ
	ଚୁଡ଼ାପଦା	୧୯୦୭	ବେସରକାରୀ	ସରଦ-୨	୦.୦୬୦	ଅଚ୍ୟୁତ ସାହୁ, ଭାସ୍କର ସାହୁ, ପି-ମିଣ୍ଟୁ ସାହୁ, ଗ୍ରା-ନିଜଗ୍ରାମ, ଅନସୂୟା ଦେବୀ, ସ୍ୱା-ପ୍ରାଣନାଥ ଶତପଥୀ, ଗ୍ରା-ପିଙ୍ଗଳ, ରମାକାନ୍ତ ସାହୁ, ପି-ଗଣେଶ ସାହୁ, ଗ୍ରା-ବଡ଼ପୁର
	ଚୁଡ଼ାପଦା	୧୯୪୭	ବେସରକାରୀ	ସରଦ-୨	୦.୦୯୦	ଭ୍ରମରବର ସ୍ୱାଇଁ, ପି-ନେତ୍ର ସ୍ୱାଇଁ, ଗ୍ରା-ପାଇକପଦା
	ଚୁଡ଼ାପଦା	୧୯୫୩	ସରକାରୀ	ରାସ୍ତା	୦.୧୪୦	ଅନାବାଦୀ
	ଚୁଡ଼ାପଦା	୧୯୫୮	ବେସରକାରୀ	ସରଦ-୨	୦.୦୫୦	ଲକ୍ଷ୍ମୀପ୍ରିୟା ଦେବୀ, ସ୍ୱା-ଗୋପାଳ ମିଶ୍ର, ଗ୍ରା-ନିଜଗ୍ରାମ
	ଚୁଡ଼ାପଦା	୧୯୬୩	ବେସରକାରୀ	ସରଦ-୧	୦.୦୮୦	ଜଗନ୍ନାଥ ଖୁଣ୍ଟିଆ, ପି-ବନମାଳୀ ଖୁଣ୍ଟିଆ, ଗ୍ରା-ନିଜଗ୍ରାମ
	ଚୁଡ଼ାପଦା	୧୯୮୦	ବେସରକାରୀ	ସରଦ-୧	୦.୦୬୦	କୈଳାସ ବେହେରା, ପି-ଦଣ୍ଡ ବେହେରା, ଲୋକ ବେହେରା, ପି-ସନାତନ ବେହେରା, ଗ୍ରା-ନିଜଗ୍ରାମ
	ଚୁଡ଼ାପଦା	୧୯୮୪	ବେସରକାରୀ	ସରଦ-୧	୦.୦୭୦	ଦାଶରଥି ପଣ୍ଡା, ପି-ହଳଧର ପଣ୍ଡା, ଗ୍ରା-ନିଜଗ୍ରାମ
	ଚୁଡ଼ାପଦା	୨୦୦୩	ବେସରକାରୀ	ସରଦ-୨	୦.୦୯୦	ପୂର୍ଣ୍ଣିମା ଦେବୀ, ସ୍ୱା-ଅକ୍ଷୟ ରଥ, ଗ୍ରା-ନିଜଗ୍ରାମ
	ଚୁଡ଼ାପଦା	୨୦୧୧	ବେସରକାରୀ	ସରଦ-୧	୦.୧୦୦	ନରେନ୍ଦ୍ର ପ୍ରଧାନ, ପି-ଗୋକୁଳ ପ୍ରଧାନ, ଗ୍ରା-ଡେରେଲ ଟେବୁଲିଆରି
See Next Page
